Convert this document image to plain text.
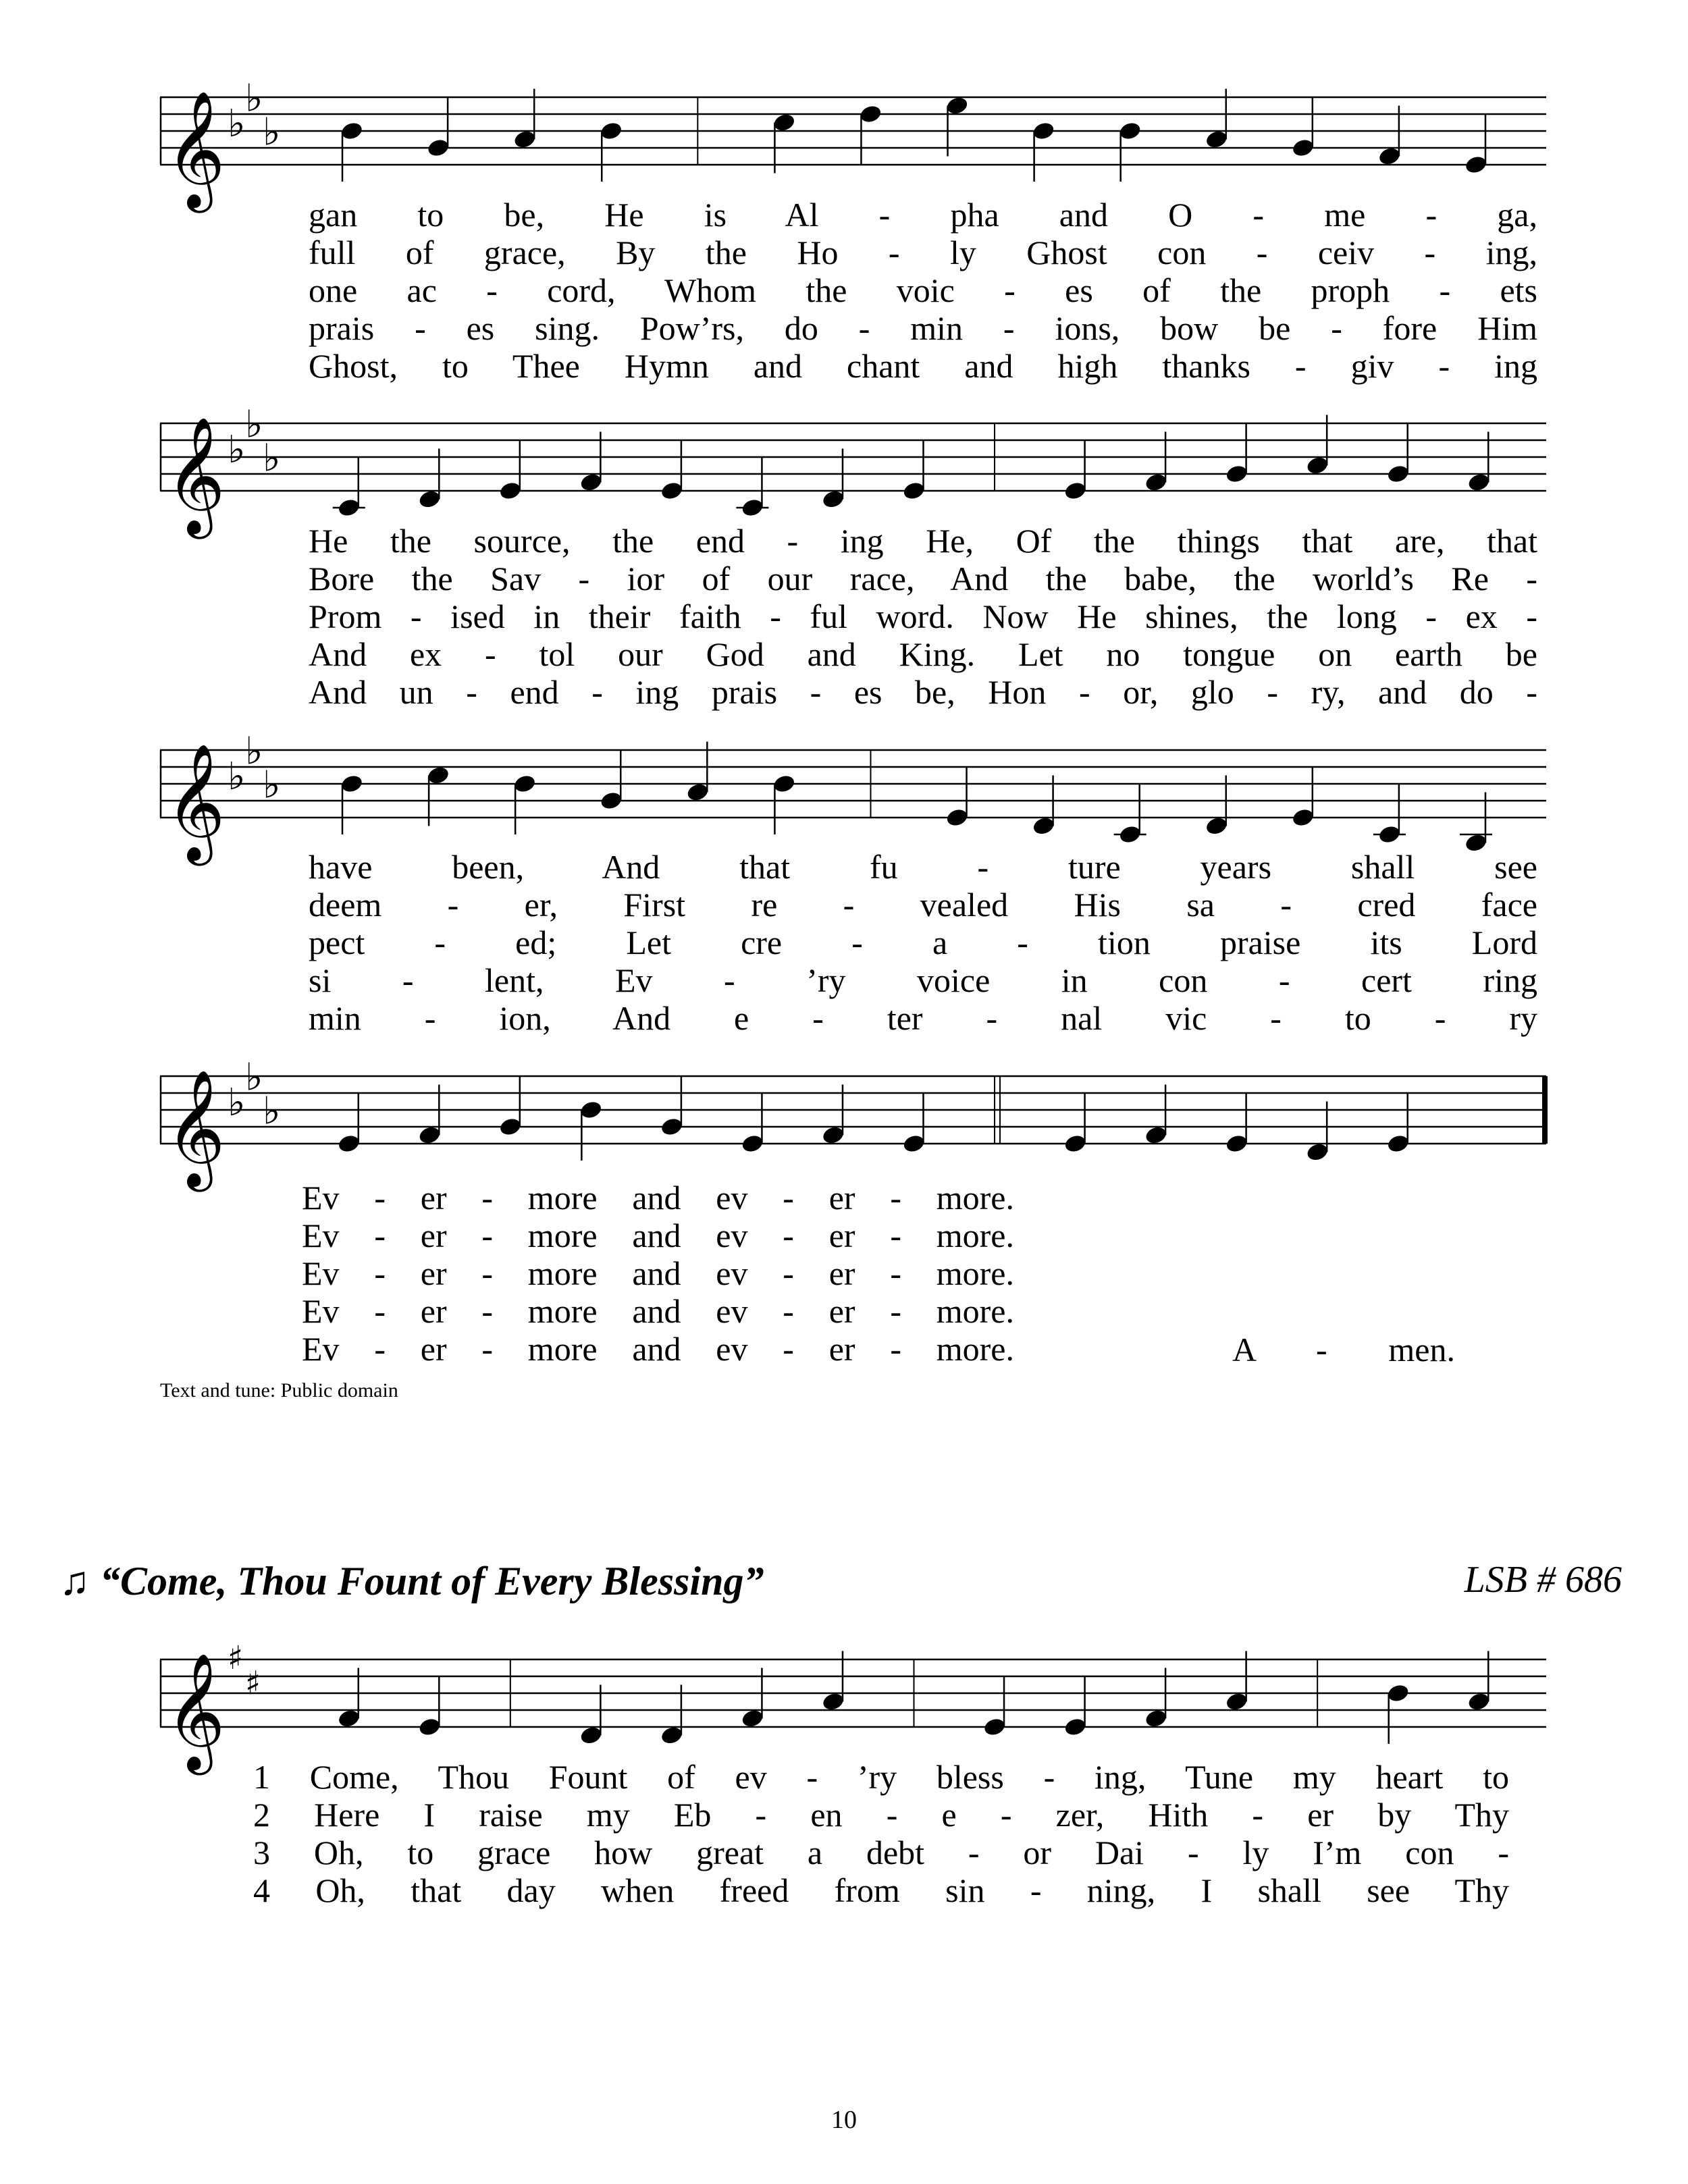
𝄞 ♭
♭
♭
gan to be, He is Al - pha and O - me - ga,
full of grace, By the Ho - ly Ghost con - ceiv - ing,
one ac - cord, Whom the voic - es of the proph - ets
prais - es sing. Pow’rs, do - min - ions, bow be - fore Him
Ghost, to Thee Hymn and chant and high thanks - giv - ing
𝄞 ♭
♭
♭
He the source, the end - ing He, Of the things that are, that
Bore the Sav - ior of our race, And the babe, the world’s Re -
Prom - ised in their faith - ful word. Now He shines, the long - ex -
And ex - tol our God and King. Let no tongue on earth be
And un - end - ing prais - es be, Hon - or, glo - ry, and do -
𝄞 ♭
♭
♭
have been, And that fu - ture years shall see
deem - er, First re - vealed His sa - cred face
pect - ed; Let cre - a - tion praise its Lord
si - lent, Ev - ’ry voice in con - cert ring
min - ion, And e - ter - nal vic - to - ry
𝄞 ♭
♭
♭
Ev - er - more and ev - er - more.
Ev - er - more and ev - er - more.
Ev - er - more and ev - er - more.
Ev - er - more and ev - er - more.
Ev - er - more and ev - er - more.	A - men.
Text and tune: Public domain
♫ “Come, Thou Fount of Every Blessing”	LSB # 686
𝄞 ♯
♯
1 Come, Thou Fount of ev - ’ry bless - ing, Tune my heart to
2 Here I raise my Eb - en - e - zer, Hith - er by Thy
3 Oh, to grace how great a debt - or Dai - ly I’m con -
4 Oh, that day when freed from sin - ning, I shall see Thy
10
